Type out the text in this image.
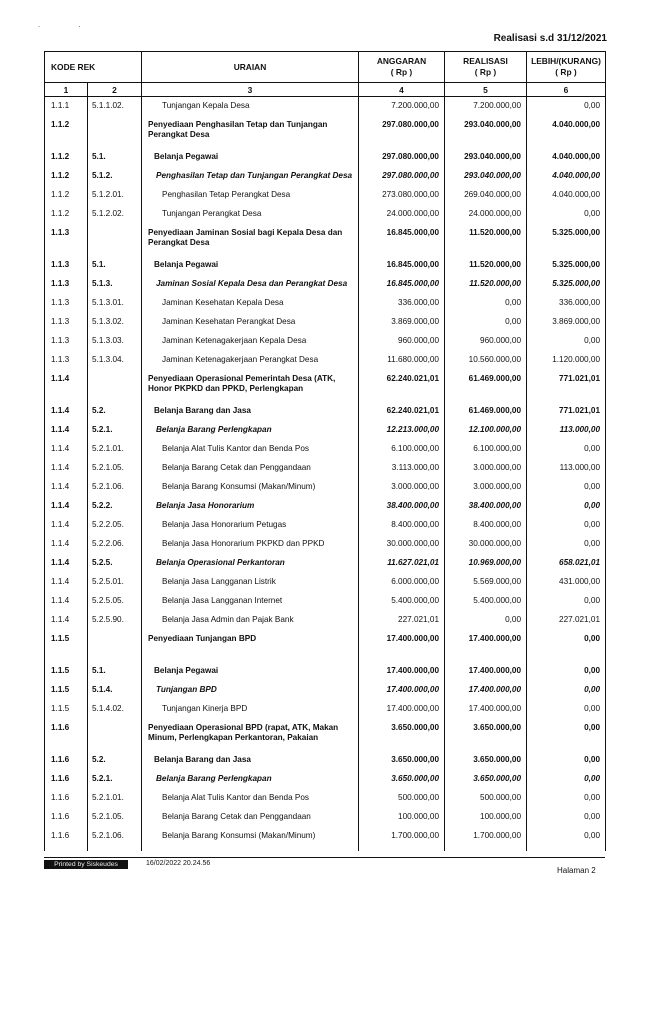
. .
Realisasi s.d 31/12/2021
KODE REK	URAIAN	
ANGGARAN
( Rp )

REALISASI
( Rp )

LEBIH/(KURANG)
( Rp )

1	2	3	4	5	6
1.1.1	5.1.1.02.	Tunjangan Kepala Desa	7.200.000,00	7.200.000,00	0,00
1.1.2		Penyediaan Penghasilan Tetap dan Tunjangan Perangkat Desa	297.080.000,00	293.040.000,00	4.040.000,00
1.1.2	5.1.	Belanja Pegawai	297.080.000,00	293.040.000,00	4.040.000,00
1.1.2	5.1.2.	Penghasilan Tetap dan Tunjangan Perangkat Desa	297.080.000,00	293.040.000,00	4.040.000,00
1.1.2	5.1.2.01.	Penghasilan Tetap Perangkat Desa	273.080.000,00	269.040.000,00	4.040.000,00
1.1.2	5.1.2.02.	Tunjangan Perangkat Desa	24.000.000,00	24.000.000,00	0,00
1.1.3		Penyediaan Jaminan Sosial bagi Kepala Desa dan Perangkat Desa	16.845.000,00	11.520.000,00	5.325.000,00
1.1.3	5.1.	Belanja Pegawai	16.845.000,00	11.520.000,00	5.325.000,00
1.1.3	5.1.3.	Jaminan Sosial Kepala Desa dan Perangkat Desa	16.845.000,00	11.520.000,00	5.325.000,00
1.1.3	5.1.3.01.	Jaminan Kesehatan Kepala Desa	336.000,00	0,00	336.000,00
1.1.3	5.1.3.02.	Jaminan Kesehatan Perangkat Desa	3.869.000,00	0,00	3.869.000,00
1.1.3	5.1.3.03.	Jaminan Ketenagakerjaan Kepala Desa	960.000,00	960.000,00	0,00
1.1.3	5.1.3.04.	Jaminan Ketenagakerjaan Perangkat Desa	11.680.000,00	10.560.000,00	1.120.000,00
1.1.4		Penyediaan Operasional Pemerintah Desa (ATK, Honor PKPKD dan PPKD, Perlengkapan	62.240.021,01	61.469.000,00	771.021,01
1.1.4	5.2.	Belanja Barang dan Jasa	62.240.021,01	61.469.000,00	771.021,01
1.1.4	5.2.1.	Belanja Barang Perlengkapan	12.213.000,00	12.100.000,00	113.000,00
1.1.4	5.2.1.01.	Belanja Alat Tulis Kantor dan Benda Pos	6.100.000,00	6.100.000,00	0,00
1.1.4	5.2.1.05.	Belanja Barang Cetak dan Penggandaan	3.113.000,00	3.000.000,00	113.000,00
1.1.4	5.2.1.06.	Belanja Barang Konsumsi (Makan/Minum)	3.000.000,00	3.000.000,00	0,00
1.1.4	5.2.2.	Belanja Jasa Honorarium	38.400.000,00	38.400.000,00	0,00
1.1.4	5.2.2.05.	Belanja Jasa Honorarium Petugas	8.400.000,00	8.400.000,00	0,00
1.1.4	5.2.2.06.	Belanja Jasa Honorarium PKPKD dan PPKD	30.000.000,00	30.000.000,00	0,00
1.1.4	5.2.5.	Belanja Operasional Perkantoran	11.627.021,01	10.969.000,00	658.021,01
1.1.4	5.2.5.01.	Belanja Jasa Langganan Listrik	6.000.000,00	5.569.000,00	431.000,00
1.1.4	5.2.5.05.	Belanja Jasa Langganan Internet	5.400.000,00	5.400.000,00	0,00
1.1.4	5.2.5.90.	Belanja Jasa Admin dan Pajak Bank	227.021,01	0,00	227.021,01
1.1.5		Penyediaan Tunjangan BPD	17.400.000,00	17.400.000,00	0,00
1.1.5	5.1.	Belanja Pegawai	17.400.000,00	17.400.000,00	0,00
1.1.5	5.1.4.	Tunjangan BPD	17.400.000,00	17.400.000,00	0,00
1.1.5	5.1.4.02.	Tunjangan Kinerja BPD	17.400.000,00	17.400.000,00	0,00
1.1.6		Penyediaan Operasional BPD (rapat, ATK, Makan Minum, Perlengkapan Perkantoran, Pakaian	3.650.000,00	3.650.000,00	0,00
1.1.6	5.2.	Belanja Barang dan Jasa	3.650.000,00	3.650.000,00	0,00
1.1.6	5.2.1.	Belanja Barang Perlengkapan	3.650.000,00	3.650.000,00	0,00
1.1.6	5.2.1.01.	Belanja Alat Tulis Kantor dan Benda Pos	500.000,00	500.000,00	0,00
1.1.6	5.2.1.05.	Belanja Barang Cetak dan Penggandaan	100.000,00	100.000,00	0,00
1.1.6	5.2.1.06.	Belanja Barang Konsumsi (Makan/Minum)	1.700.000,00	1.700.000,00	0,00
Printed by Siskeudes	16/02/2022 20.24.56
Halaman 2
